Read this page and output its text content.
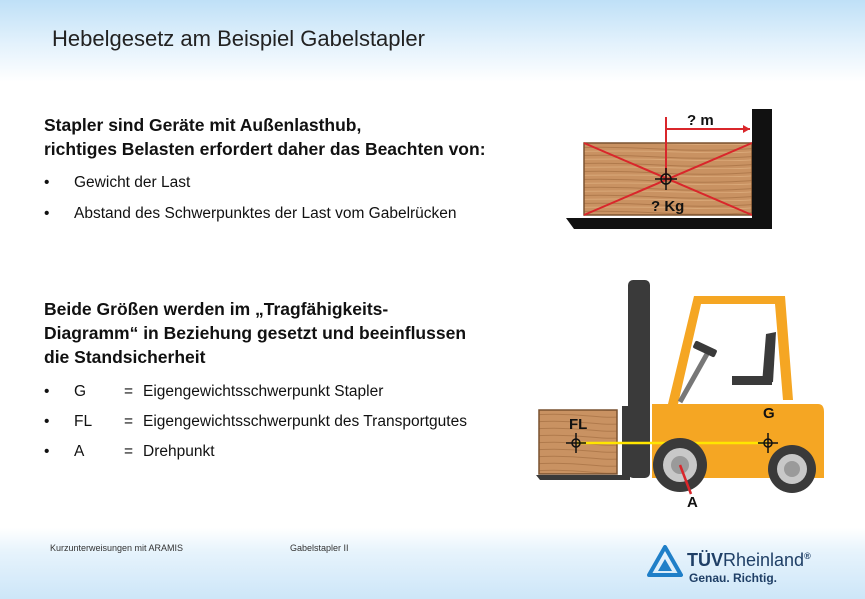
Hebelgesetz am Beispiel Gabelstapler
Stapler sind Geräte mit Außenlasthub,
richtiges Belasten erfordert daher das Beachten von:
• Gewicht der Last
• Abstand des Schwerpunktes der Last vom Gabelrücken
Beide Größen werden im „Tragfähigkeits-
Diagramm“ in Beziehung gesetzt und beeinflussen
die Standsicherheit
• G = Eigengewichtsschwerpunkt Stapler
• FL = Eigengewichtsschwerpunkt des Transportgutes
• A	= Drehpunkt
? m
? Kg
FL
G
A
Kurzunterweisungen mit ARAMIS	Gabelstapler II
TÜVRheinland®
Genau. Richtig.
